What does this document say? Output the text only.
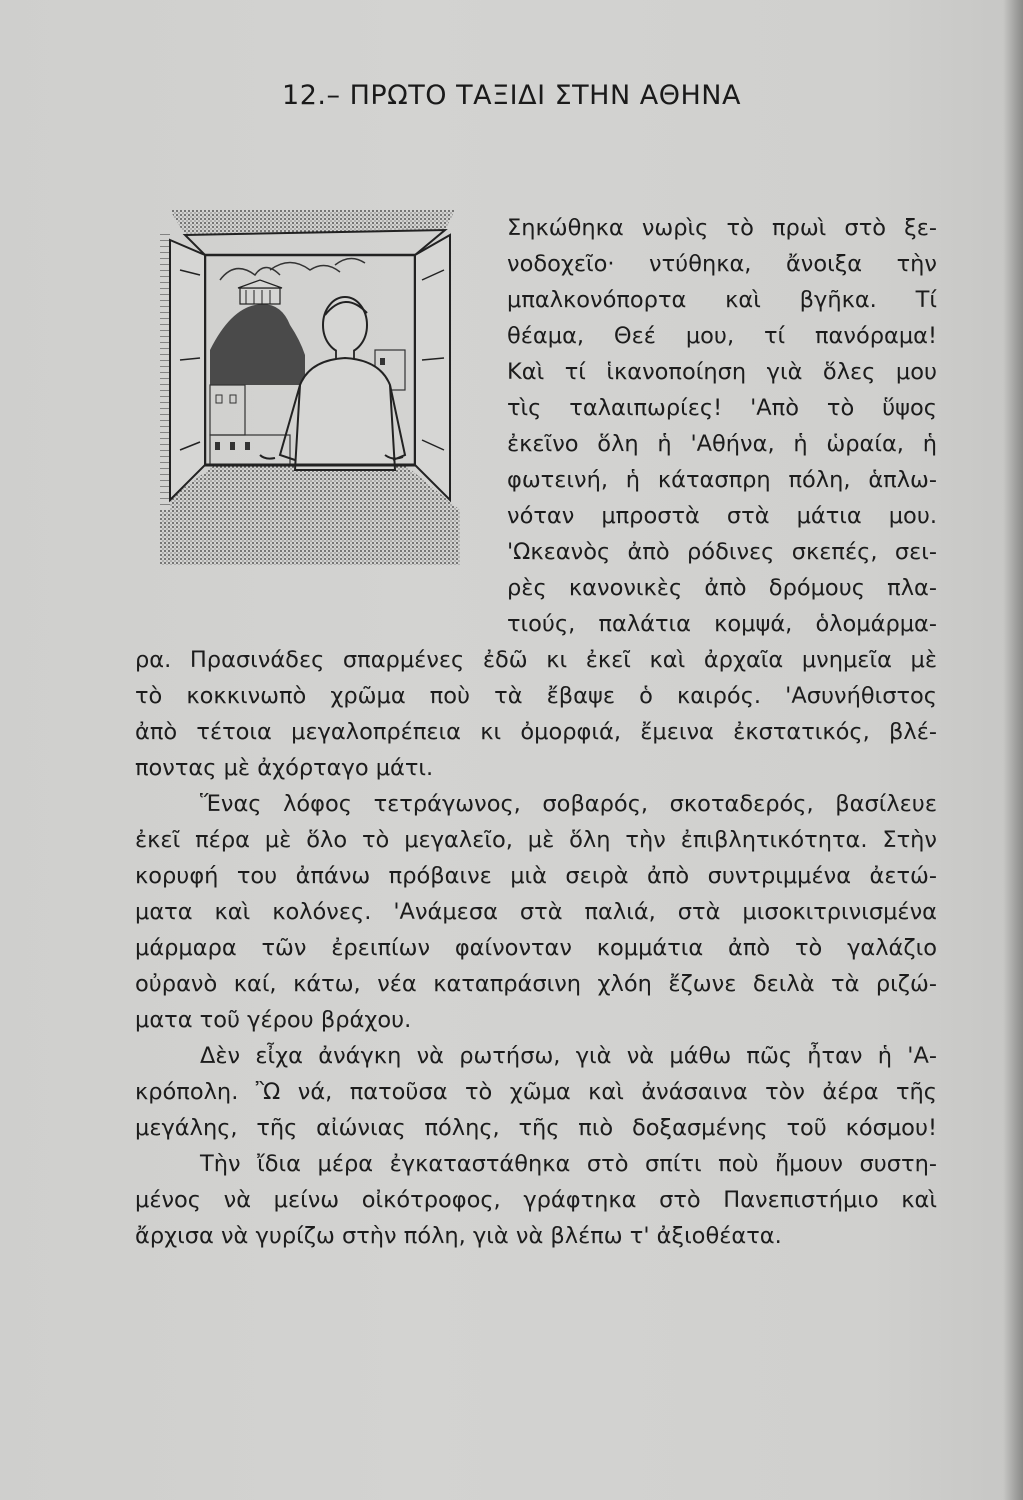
12.– ΠΡΩΤΟ ΤΑΞΙΔΙ ΣΤΗΝ ΑΘΗΝΑ
Σηκώθηκα νωρὶς τὸ πρωὶ στὸ ξε-
νοδοχεῖο· ντύθηκα, ἄνοιξα τὴν
μπαλκονόπορτα καὶ βγῆκα. Τί
θέαμα, Θεέ μου, τί πανόραμα!
Καὶ τί ἱκανοποίηση γιὰ ὅλες μου
τὶς ταλαιπωρίες! 'Απὸ τὸ ὕψος
ἐκεῖνο ὅλη ἡ 'Αθήνα, ἡ ὡραία, ἡ
φωτεινή, ἡ κάτασπρη πόλη, ἁπλω-
νόταν μπροστὰ στὰ μάτια μου.
'Ωκεανὸς ἀπὸ ρόδινες σκεπές, σει-
ρὲς κανονικὲς ἀπὸ δρόμους πλα-
τιούς, παλάτια κομψά, ὁλομάρμα-
ρα. Πρασινάδες σπαρμένες ἐδῶ κι ἐκεῖ καὶ ἀρχαῖα μνημεῖα μὲ
τὸ κοκκινωπὸ χρῶμα ποὺ τὰ ἔβαψε ὁ καιρός. 'Ασυνήθιστος
ἀπὸ τέτοια μεγαλοπρέπεια κι ὀμορφιά, ἔμεινα ἐκστατικός, βλέ-
ποντας μὲ ἀχόρταγο μάτι.
Ἕνας λόφος τετράγωνος, σοβαρός, σκοταδερός, βασίλευε
ἐκεῖ πέρα μὲ ὅλο τὸ μεγαλεῖο, μὲ ὅλη τὴν ἐπιβλητικότητα. Στὴν
κορυφή του ἀπάνω πρόβαινε μιὰ σειρὰ ἀπὸ συντριμμένα ἀετώ-
ματα καὶ κολόνες. 'Ανάμεσα στὰ παλιά, στὰ μισοκιτρινισμένα
μάρμαρα τῶν ἐρειπίων φαίνονταν κομμάτια ἀπὸ τὸ γαλάζιο
οὐρανὸ καί, κάτω, νέα καταπράσινη χλόη ἔζωνε δειλὰ τὰ ριζώ-
ματα τοῦ γέρου βράχου.
Δὲν εἶχα ἀνάγκη νὰ ρωτήσω, γιὰ νὰ μάθω πῶς ἦταν ἡ 'Α-
κρόπολη. Ὢ νά, πατοῦσα τὸ χῶμα καὶ ἀνάσαινα τὸν ἀέρα τῆς
μεγάλης, τῆς αἰώνιας πόλης, τῆς πιὸ δοξασμένης τοῦ κόσμου!
Τὴν ἴδια μέρα ἐγκαταστάθηκα στὸ σπίτι ποὺ ἤμουν συστη-
μένος νὰ μείνω οἰκότροφος, γράφτηκα στὸ Πανεπιστήμιο καὶ
ἄρχισα νὰ γυρίζω στὴν πόλη, γιὰ νὰ βλέπω τ' ἀξιοθέατα.
